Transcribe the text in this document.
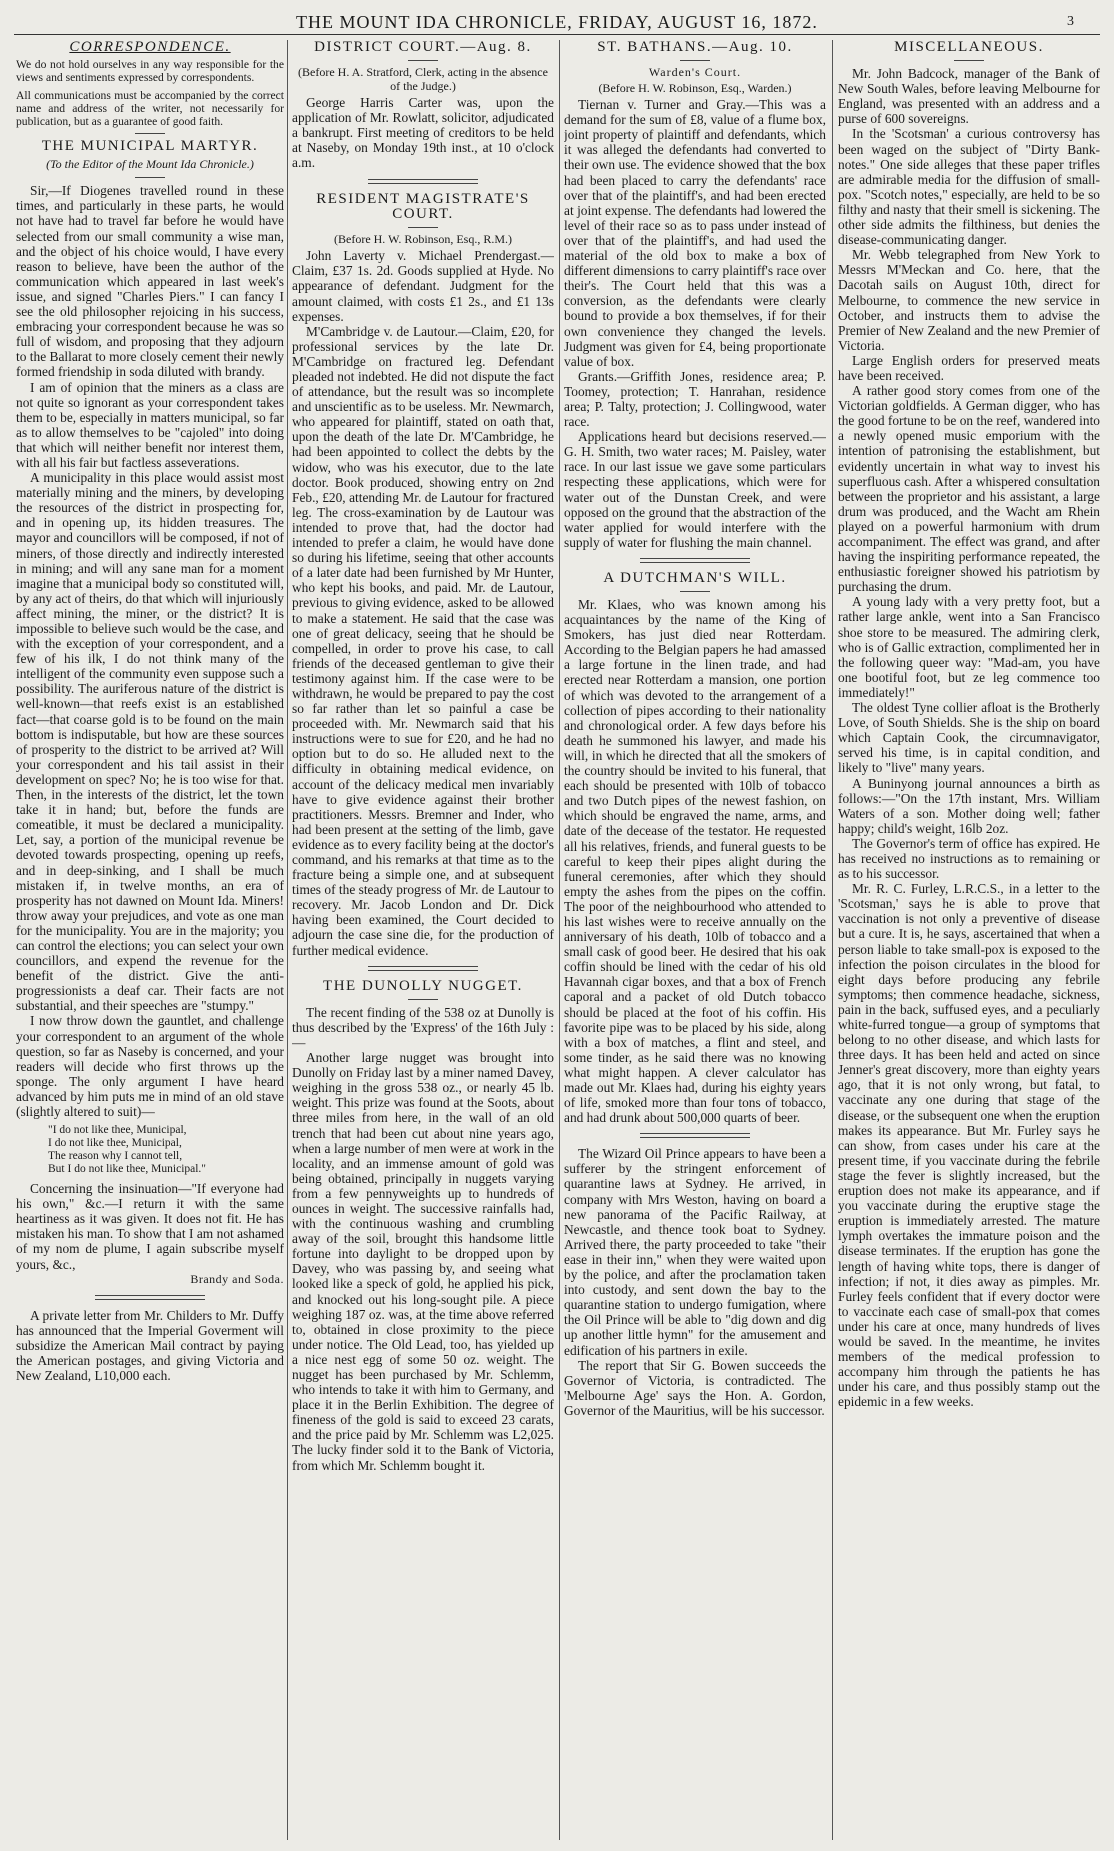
THE MOUNT IDA CHRONICLE, FRIDAY, AUGUST 16, 1872.	3
CORRESPONDENCE.

We do not hold ourselves in any way responsible for the views and sentiments expressed by correspondents.

All communications must be accompanied by the correct name and address of the writer, not necessarily for publication, but as a guarantee of good faith.

THE MUNICIPAL MARTYR.
(To the Editor of the Mount Ida Chronicle.)

Sir,—If Diogenes travelled round in these times, and particularly in these parts, he would not have had to travel far before he would have selected from our small community a wise man, and the object of his choice would, I have every reason to believe, have been the author of the communication which appeared in last week's issue, and signed "Charles Piers." I can fancy I see the old philosopher rejoicing in his success, embracing your correspondent because he was so full of wisdom, and proposing that they adjourn to the Ballarat to more closely cement their newly formed friendship in soda diluted with brandy.

I am of opinion that the miners as a class are not quite so ignorant as your correspondent takes them to be, especially in matters municipal, so far as to allow themselves to be "cajoled" into doing that which will neither benefit nor interest them, with all his fair but factless asseverations.

A municipality in this place would assist most materially mining and the miners, by developing the resources of the district in prospecting for, and in opening up, its hidden treasures. The mayor and councillors will be composed, if not of miners, of those directly and indirectly interested in mining; and will any sane man for a moment imagine that a municipal body so constituted will, by any act of theirs, do that which will injuriously affect mining, the miner, or the district? It is impossible to believe such would be the case, and with the exception of your correspondent, and a few of his ilk, I do not think many of the intelligent of the community even suppose such a possibility. The auriferous nature of the district is well-known—that reefs exist is an established fact—that coarse gold is to be found on the main bottom is indisputable, but how are these sources of prosperity to the district to be arrived at? Will your correspondent and his tail assist in their development on spec? No; he is too wise for that. Then, in the interests of the district, let the town take it in hand; but, before the funds are comeatible, it must be declared a municipality. Let, say, a portion of the municipal revenue be devoted towards prospecting, opening up reefs, and in deep-sinking, and I shall be much mistaken if, in twelve months, an era of prosperity has not dawned on Mount Ida. Miners! throw away your prejudices, and vote as one man for the municipality. You are in the majority; you can control the elections; you can select your own councillors, and expend the revenue for the benefit of the district. Give the anti-progressionists a deaf car. Their facts are not substantial, and their speeches are "stumpy."

I now throw down the gauntlet, and challenge your correspondent to an argument of the whole question, so far as Naseby is concerned, and your readers will decide who first throws up the sponge. The only argument I have heard advanced by him puts me in mind of an old stave (slightly altered to suit)—

"I do not like thee, Municipal,
I do not like thee, Municipal,
The reason why I cannot tell,
But I do not like thee, Municipal."

Concerning the insinuation—"If everyone had his own," &c.—I return it with the same heartiness as it was given. It does not fit. He has mistaken his man. To show that I am not ashamed of my nom de plume, I again subscribe myself yours, &c.,

Brandy and Soda.

A private letter from Mr. Childers to Mr. Duffy has announced that the Imperial Goverment will subsidize the American Mail contract by paying the American postages, and giving Victoria and New Zealand, L10,000 each.

DISTRICT COURT.—Aug. 8.
(Before H. A. Stratford, Clerk, acting in the absence of the Judge.)

George Harris Carter was, upon the application of Mr. Rowlatt, solicitor, adjudicated a bankrupt. First meeting of creditors to be held at Naseby, on Monday 19th inst., at 10 o'clock a.m.

RESIDENT MAGISTRATE'S COURT.
(Before H. W. Robinson, Esq., R.M.)

John Laverty v. Michael Prendergast.—Claim, £37 1s. 2d. Goods supplied at Hyde. No appearance of defendant. Judgment for the amount claimed, with costs £1 2s., and £1 13s expenses.

M'Cambridge v. de Lautour.—Claim, £20, for professional services by the late Dr. M'Cambridge on fractured leg. Defendant pleaded not indebted. He did not dispute the fact of attendance, but the result was so incomplete and unscientific as to be useless. Mr. Newmarch, who appeared for plaintiff, stated on oath that, upon the death of the late Dr. M'Cambridge, he had been appointed to collect the debts by the widow, who was his executor, due to the late doctor. Book produced, showing entry on 2nd Feb., £20, attending Mr. de Lautour for fractured leg. The cross-examination by de Lautour was intended to prove that, had the doctor had intended to prefer a claim, he would have done so during his lifetime, seeing that other accounts of a later date had been furnished by Mr Hunter, who kept his books, and paid. Mr. de Lautour, previous to giving evidence, asked to be allowed to make a statement. He said that the case was one of great delicacy, seeing that he should be compelled, in order to prove his case, to call friends of the deceased gentleman to give their testimony against him. If the case were to be withdrawn, he would be prepared to pay the cost so far rather than let so painful a case be proceeded with. Mr. Newmarch said that his instructions were to sue for £20, and he had no option but to do so. He alluded next to the difficulty in obtaining medical evidence, on account of the delicacy medical men invariably have to give evidence against their brother practitioners. Messrs. Bremner and Inder, who had been present at the setting of the limb, gave evidence as to every facility being at the doctor's command, and his remarks at that time as to the fracture being a simple one, and at subsequent times of the steady progress of Mr. de Lautour to recovery. Mr. Jacob London and Dr. Dick having been examined, the Court decided to adjourn the case sine die, for the production of further medical evidence.

THE DUNOLLY NUGGET.

The recent finding of the 538 oz at Dunolly is thus described by the 'Express' of the 16th July :—

Another large nugget was brought into Dunolly on Friday last by a miner named Davey, weighing in the gross 538 oz., or nearly 45 lb. weight. This prize was found at the Soots, about three miles from here, in the wall of an old trench that had been cut about nine years ago, when a large number of men were at work in the locality, and an immense amount of gold was being obtained, principally in nuggets varying from a few pennyweights up to hundreds of ounces in weight. The successive rainfalls had, with the continuous washing and crumbling away of the soil, brought this handsome little fortune into daylight to be dropped upon by Davey, who was passing by, and seeing what looked like a speck of gold, he applied his pick, and knocked out his long-sought pile. A piece weighing 187 oz. was, at the time above referred to, obtained in close proximity to the piece under notice. The Old Lead, too, has yielded up a nice nest egg of some 50 oz. weight. The nugget has been purchased by Mr. Schlemm, who intends to take it with him to Germany, and place it in the Berlin Exhibition. The degree of fineness of the gold is said to exceed 23 carats, and the price paid by Mr. Schlemm was L2,025. The lucky finder sold it to the Bank of Victoria, from which Mr. Schlemm bought it.

ST. BATHANS.—Aug. 10.
Warden's Court.
(Before H. W. Robinson, Esq., Warden.)

Tiernan v. Turner and Gray.—This was a demand for the sum of £8, value of a flume box, joint property of plaintiff and defendants, which it was alleged the defendants had converted to their own use. The evidence showed that the box had been placed to carry the defendants' race over that of the plaintiff's, and had been erected at joint expense. The defendants had lowered the level of their race so as to pass under instead of over that of the plaintiff's, and had used the material of the old box to make a box of different dimensions to carry plaintiff's race over their's. The Court held that this was a conversion, as the defendants were clearly bound to provide a box themselves, if for their own convenience they changed the levels. Judgment was given for £4, being proportionate value of box.

Grants.—Griffith Jones, residence area; P. Toomey, protection; T. Hanrahan, residence area; P. Talty, protection; J. Collingwood, water race.

Applications heard but decisions reserved.—G. H. Smith, two water races; M. Paisley, water race. In our last issue we gave some particulars respecting these applications, which were for water out of the Dunstan Creek, and were opposed on the ground that the abstraction of the water applied for would interfere with the supply of water for flushing the main channel.

A DUTCHMAN'S WILL.

Mr. Klaes, who was known among his acquaintances by the name of the King of Smokers, has just died near Rotterdam. According to the Belgian papers he had amassed a large fortune in the linen trade, and had erected near Rotterdam a mansion, one portion of which was devoted to the arrangement of a collection of pipes according to their nationality and chronological order. A few days before his death he summoned his lawyer, and made his will, in which he directed that all the smokers of the country should be invited to his funeral, that each should be presented with 10lb of tobacco and two Dutch pipes of the newest fashion, on which should be engraved the name, arms, and date of the decease of the testator. He requested all his relatives, friends, and funeral guests to be careful to keep their pipes alight during the funeral ceremonies, after which they should empty the ashes from the pipes on the coffin. The poor of the neighbourhood who attended to his last wishes were to receive annually on the anniversary of his death, 10lb of tobacco and a small cask of good beer. He desired that his oak coffin should be lined with the cedar of his old Havannah cigar boxes, and that a box of French caporal and a packet of old Dutch tobacco should be placed at the foot of his coffin. His favorite pipe was to be placed by his side, along with a box of matches, a flint and steel, and some tinder, as he said there was no knowing what might happen. A clever calculator has made out Mr. Klaes had, during his eighty years of life, smoked more than four tons of tobacco, and had drunk about 500,000 quarts of beer.

The Wizard Oil Prince appears to have been a sufferer by the stringent enforcement of quarantine laws at Sydney. He arrived, in company with Mrs Weston, having on board a new panorama of the Pacific Railway, at Newcastle, and thence took boat to Sydney. Arrived there, the party proceeded to take "their ease in their inn," when they were waited upon by the police, and after the proclamation taken into custody, and sent down the bay to the quarantine station to undergo fumigation, where the Oil Prince will be able to "dig down and dig up another little hymn" for the amusement and edification of his partners in exile.

The report that Sir G. Bowen succeeds the Governor of Victoria, is contradicted. The 'Melbourne Age' says the Hon. A. Gordon, Governor of the Mauritius, will be his successor.

MISCELLANEOUS.

Mr. John Badcock, manager of the Bank of New South Wales, before leaving Melbourne for England, was presented with an address and a purse of 600 sovereigns.

In the 'Scotsman' a curious controversy has been waged on the subject of "Dirty Bank-notes." One side alleges that these paper trifles are admirable media for the diffusion of small-pox. "Scotch notes," especially, are held to be so filthy and nasty that their smell is sickening. The other side admits the filthiness, but denies the disease-communicating danger.

Mr. Webb telegraphed from New York to Messrs M'Meckan and Co. here, that the Dacotah sails on August 10th, direct for Melbourne, to commence the new service in October, and instructs them to advise the Premier of New Zealand and the new Premier of Victoria.

Large English orders for preserved meats have been received.

A rather good story comes from one of the Victorian goldfields. A German digger, who has the good fortune to be on the reef, wandered into a newly opened music emporium with the intention of patronising the establishment, but evidently uncertain in what way to invest his superfluous cash. After a whispered consultation between the proprietor and his assistant, a large drum was produced, and the Wacht am Rhein played on a powerful harmonium with drum accompaniment. The effect was grand, and after having the inspiriting performance repeated, the enthusiastic foreigner showed his patriotism by purchasing the drum.

A young lady with a very pretty foot, but a rather large ankle, went into a San Francisco shoe store to be measured. The admiring clerk, who is of Gallic extraction, complimented her in the following queer way: "Mad-am, you have one bootiful foot, but ze leg commence too immediately!"

The oldest Tyne collier afloat is the Brotherly Love, of South Shields. She is the ship on board which Captain Cook, the circumnavigator, served his time, is in capital condition, and likely to "live" many years.

A Buninyong journal announces a birth as follows:—"On the 17th instant, Mrs. William Waters of a son. Mother doing well; father happy; child's weight, 16lb 2oz.

The Governor's term of office has expired. He has received no instructions as to remaining or as to his successor.

Mr. R. C. Furley, L.R.C.S., in a letter to the 'Scotsman,' says he is able to prove that vaccination is not only a preventive of disease but a cure. It is, he says, ascertained that when a person liable to take small-pox is exposed to the infection the poison circulates in the blood for eight days before producing any febrile symptoms; then commence headache, sickness, pain in the back, suffused eyes, and a peculiarly white-furred tongue—a group of symptoms that belong to no other disease, and which lasts for three days. It has been held and acted on since Jenner's great discovery, more than eighty years ago, that it is not only wrong, but fatal, to vaccinate any one during that stage of the disease, or the subsequent one when the eruption makes its appearance. But Mr. Furley says he can show, from cases under his care at the present time, if you vaccinate during the febrile stage the fever is slightly increased, but the eruption does not make its appearance, and if you vaccinate during the eruptive stage the eruption is immediately arrested. The mature lymph overtakes the immature poison and the disease terminates. If the eruption has gone the length of having white tops, there is danger of infection; if not, it dies away as pimples. Mr. Furley feels confident that if every doctor were to vaccinate each case of small-pox that comes under his care at once, many hundreds of lives would be saved. In the meantime, he invites members of the medical profession to accompany him through the patients he has under his care, and thus possibly stamp out the epidemic in a few weeks.
